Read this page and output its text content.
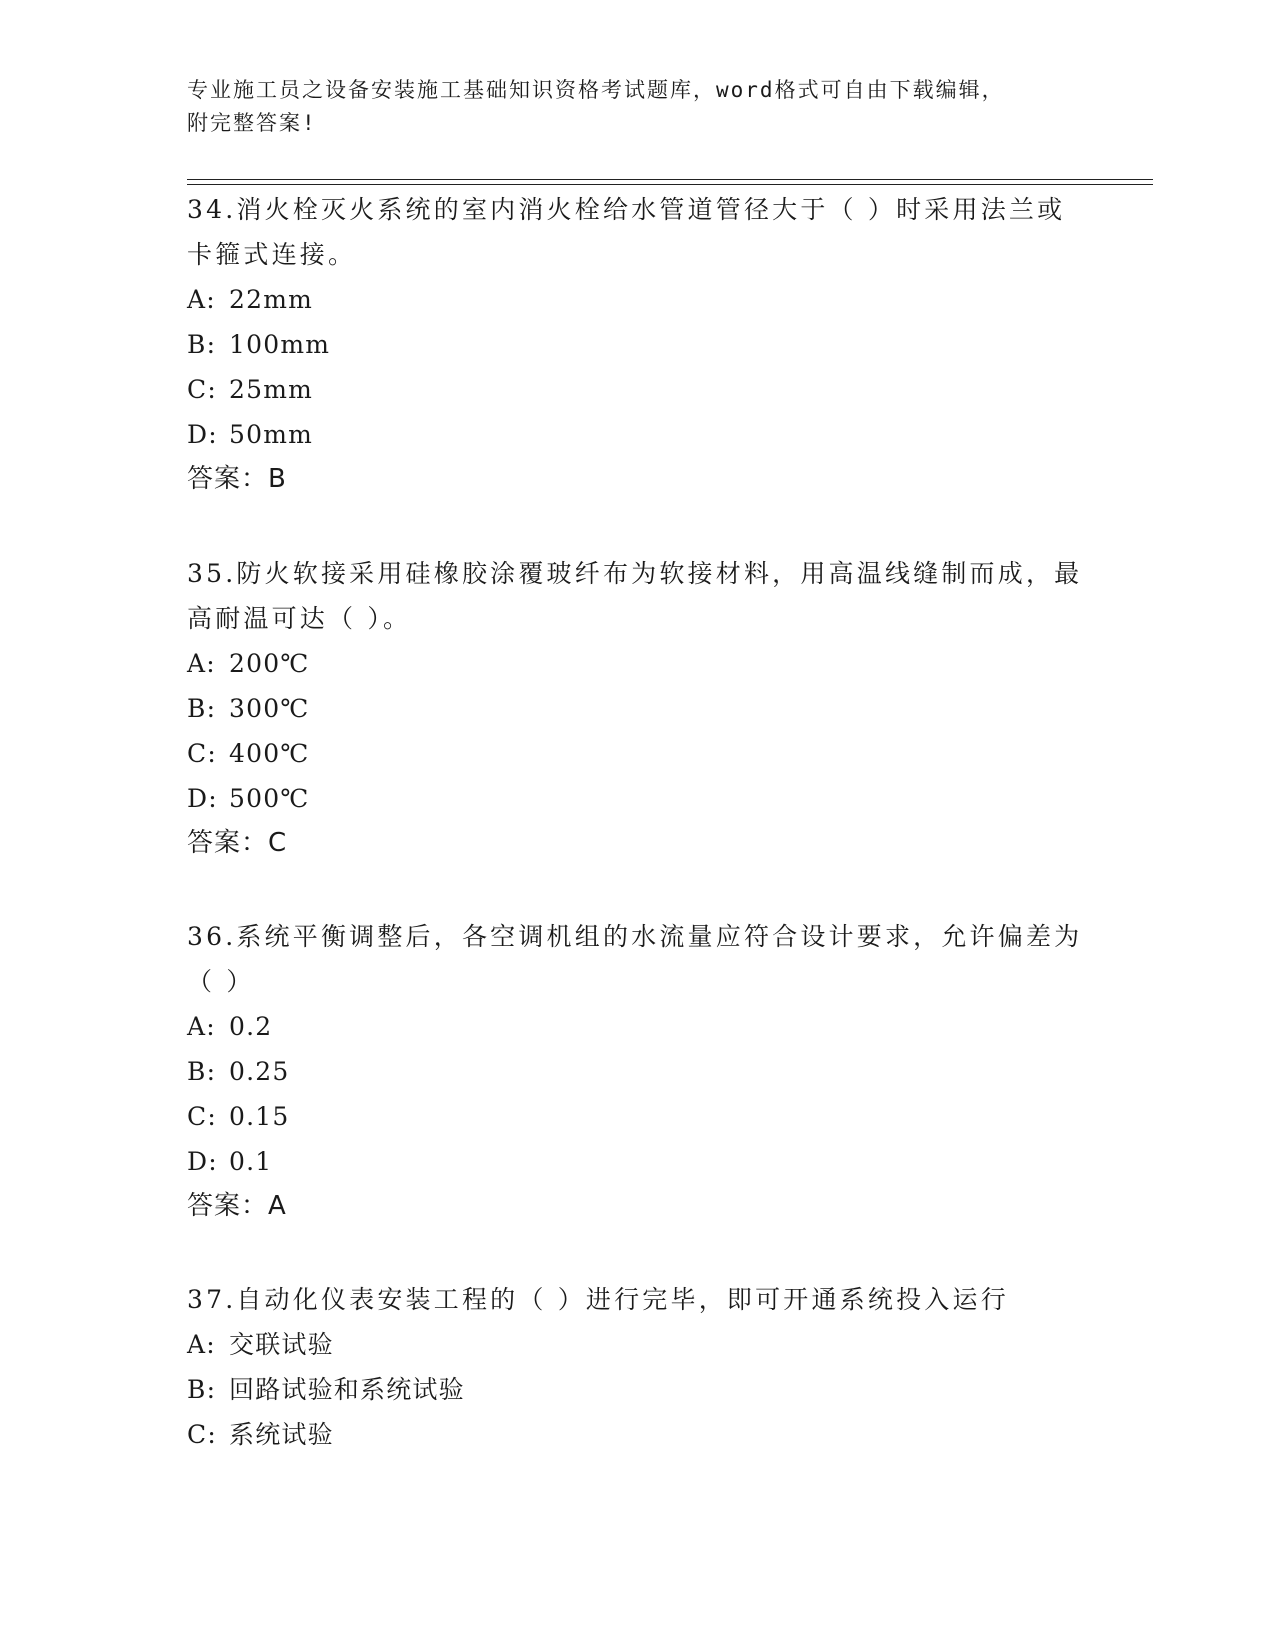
专业施工员之设备安装施工基础知识资格考试题库，word格式可自由下载编辑，
附完整答案!

34.消火栓灭火系统的室内消火栓给水管道管径大于（ ）时采用法兰或卡箍式连接。

A: 22mm
B: 100mm
C: 25mm
D: 50mm
答案：B

35.防火软接采用硅橡胶涂覆玻纤布为软接材料，用高温线缝制而成，最高耐温可达（ ）。

A: 200℃
B: 300℃
C: 400℃
D: 500℃
答案：C

36.系统平衡调整后，各空调机组的水流量应符合设计要求，允许偏差为（ ）

A: 0.2
B: 0.25
C: 0.15
D: 0.1
答案：A

37.自动化仪表安装工程的（ ）进行完毕，即可开通系统投入运行

A: 交联试验
B: 回路试验和系统试验
C: 系统试验
